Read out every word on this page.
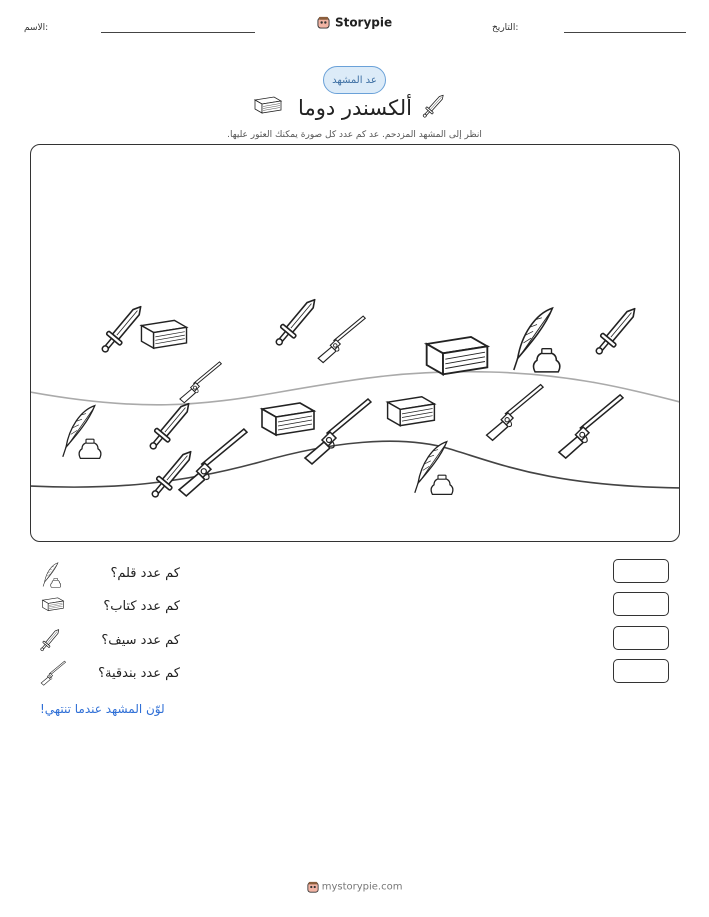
الاسم:	Storypie	التاريخ:
عد المشهد
ألكسندر دوما
انظر إلى المشهد المزدحم. عد كم عدد كل صورة يمكنك العثور عليها.
كم عدد قلم؟
كم عدد كتاب؟
كم عدد سيف؟
كم عدد بندقية؟
لوّن المشهد عندما تنتهي!
mystorypie.com
